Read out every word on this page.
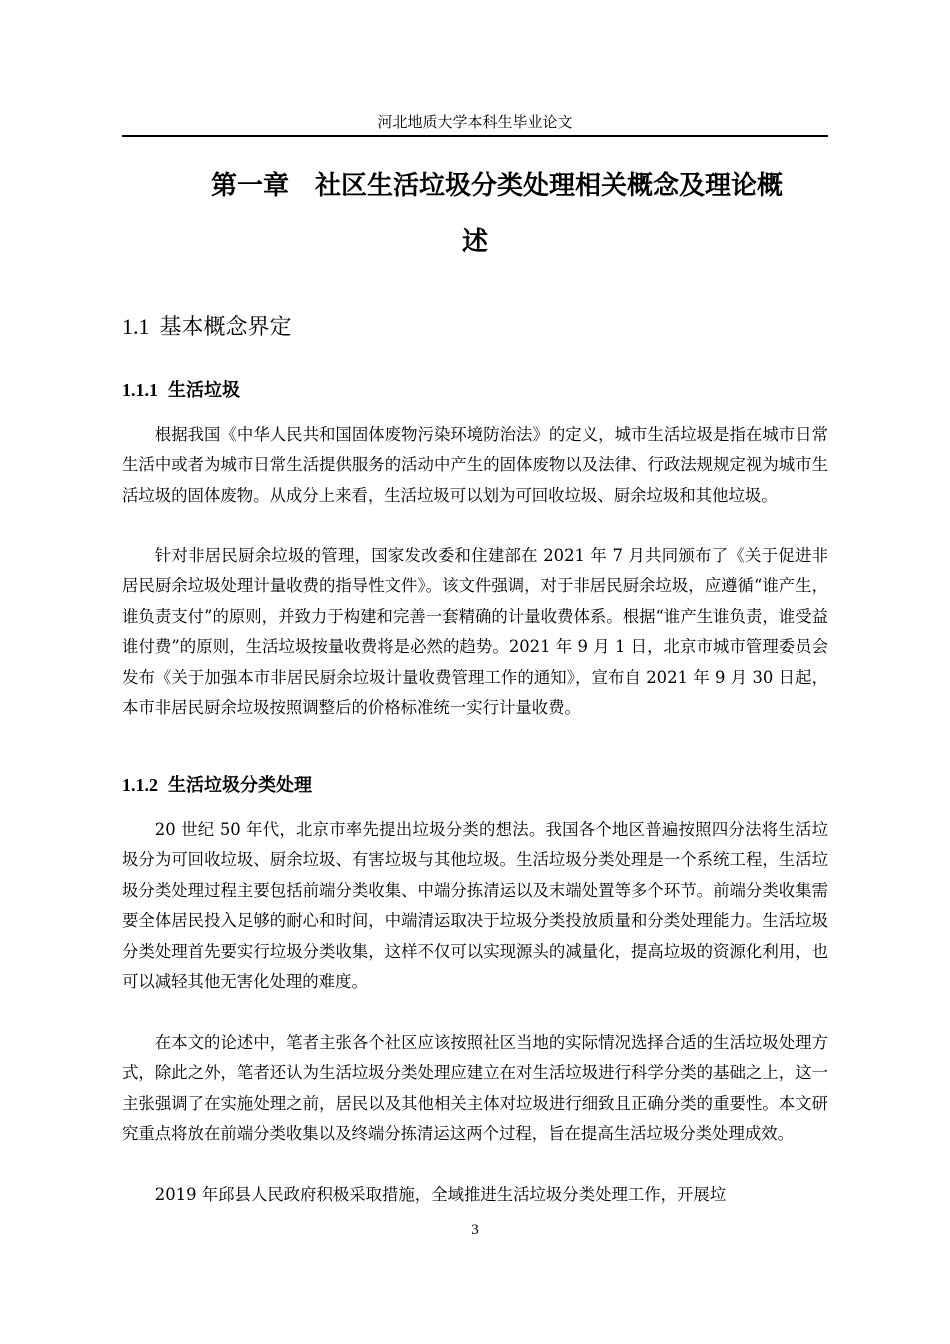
河北地质大学本科生毕业论文
第一章　社区生活垃圾分类处理相关概念及理论概
述
1.1 基本概念界定
1.1.1 生活垃圾

根据我国《中华人民共和国固体废物污染环境防治法》的定义，城市生活垃圾是指在城市日常生活中或者为城市日常生活提供服务的活动中产生的固体废物以及法律、行政法规规定视为城市生活垃圾的固体废物。从成分上来看，生活垃圾可以划为可回收垃圾、厨余垃圾和其他垃圾。

针对非居民厨余垃圾的管理，国家发改委和住建部在 2021 年 7 月共同颁布了《关于促进非居民厨余垃圾处理计量收费的指导性文件》。该文件强调，对于非居民厨余垃圾，应遵循“谁产生，谁负责支付”的原则，并致力于构建和完善一套精确的计量收费体系。根据“谁产生谁负责，谁受益谁付费”的原则，生活垃圾按量收费将是必然的趋势。2021 年 9 月 1 日，北京市城市管理委员会发布《关于加强本市非居民厨余垃圾计量收费管理工作的通知》，宣布自 2021 年 9 月 30 日起，本市非居民厨余垃圾按照调整后的价格标准统一实行计量收费。

1.1.2 生活垃圾分类处理

20 世纪 50 年代，北京市率先提出垃圾分类的想法。我国各个地区普遍按照四分法将生活垃圾分为可回收垃圾、厨余垃圾、有害垃圾与其他垃圾。生活垃圾分类处理是一个系统工程，生活垃圾分类处理过程主要包括前端分类收集、中端分拣清运以及末端处置等多个环节。前端分类收集需要全体居民投入足够的耐心和时间，中端清运取决于垃圾分类投放质量和分类处理能力。生活垃圾分类处理首先要实行垃圾分类收集，这样不仅可以实现源头的减量化，提高垃圾的资源化利用，也可以减轻其他无害化处理的难度。

在本文的论述中，笔者主张各个社区应该按照社区当地的实际情况选择合适的生活垃圾处理方式，除此之外，笔者还认为生活垃圾分类处理应建立在对生活垃圾进行科学分类的基础之上，这一主张强调了在实施处理之前，居民以及其他相关主体对垃圾进行细致且正确分类的重要性。本文研究重点将放在前端分类收集以及终端分拣清运这两个过程，旨在提高生活垃圾分类处理成效。

2019 年邱县人民政府积极采取措施，全域推进生活垃圾分类处理工作，开展垃

3
